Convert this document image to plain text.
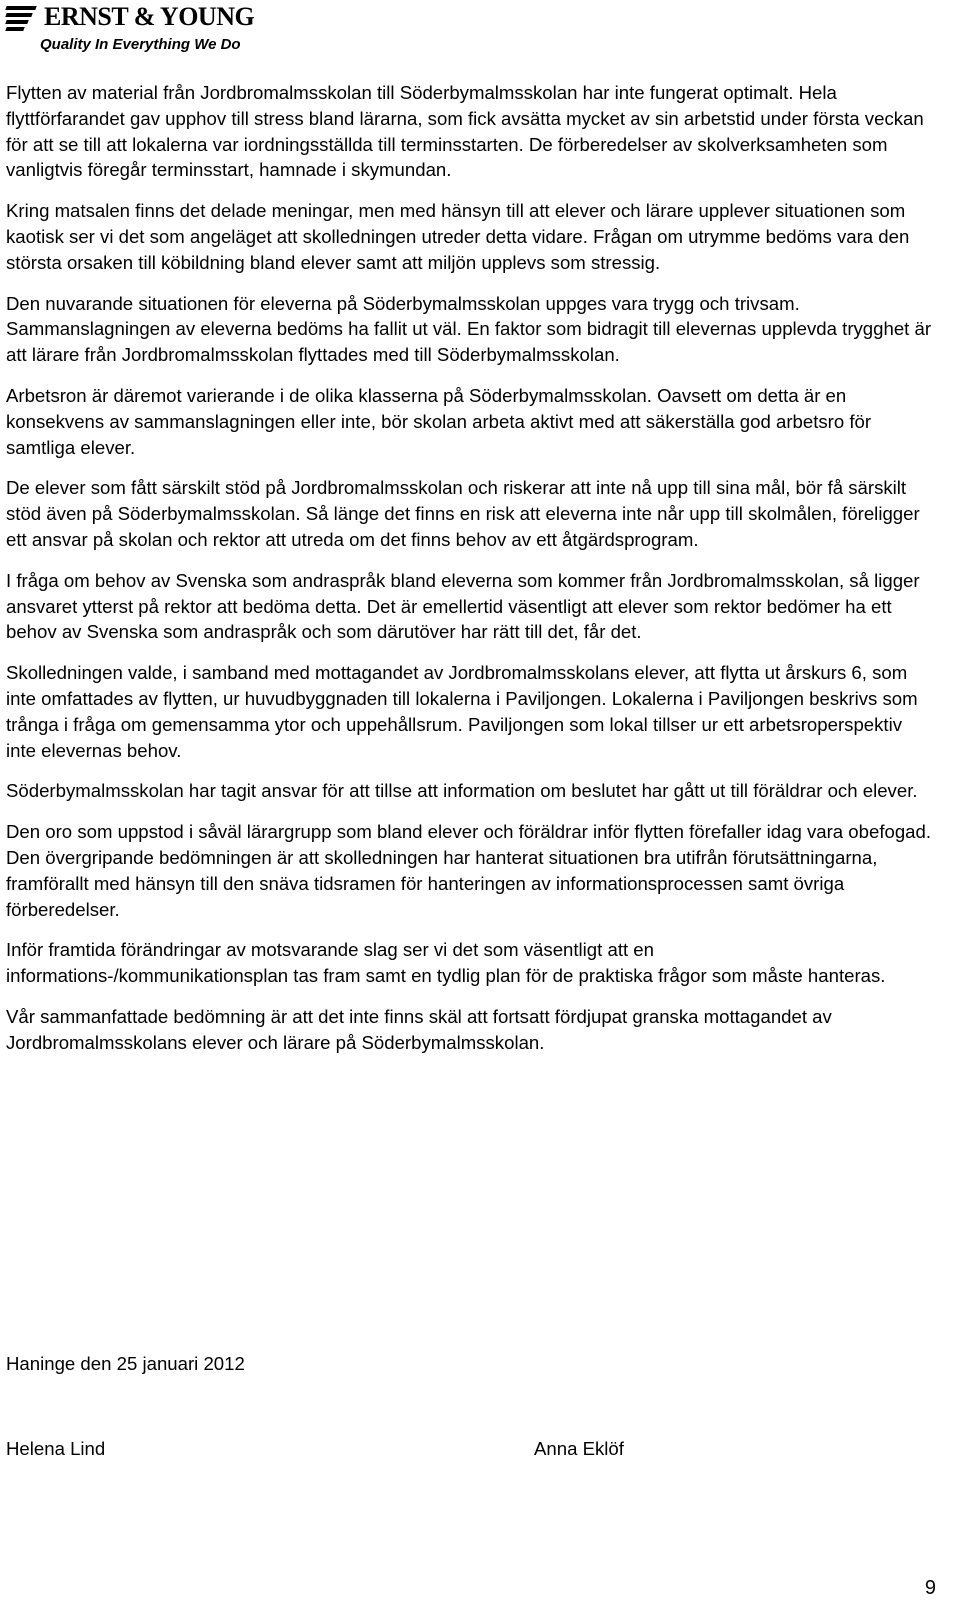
ERNST & YOUNG
Quality In Everything We Do

Flytten av material från Jordbromalmsskolan till Söderbymalmsskolan har inte fungerat optimalt. Hela flyttförfarandet gav upphov till stress bland lärarna, som fick avsätta mycket av sin arbetstid under första veckan för att se till att lokalerna var iordningsställda till terminsstarten. De förberedelser av skolverksamheten som vanligtvis föregår terminsstart, hamnade i skymundan.

Kring matsalen finns det delade meningar, men med hänsyn till att elever och lärare upplever situationen som kaotisk ser vi det som angeläget att skolledningen utreder detta vidare. Frågan om utrymme bedöms vara den största orsaken till köbildning bland elever samt att miljön upplevs som stressig.

Den nuvarande situationen för eleverna på Söderbymalmsskolan uppges vara trygg och trivsam. Sammanslagningen av eleverna bedöms ha fallit ut väl. En faktor som bidragit till elevernas upplevda trygghet är att lärare från Jordbromalmsskolan flyttades med till Söderbymalmsskolan.

Arbetsron är däremot varierande i de olika klasserna på Söderbymalmsskolan. Oavsett om detta är en konsekvens av sammanslagningen eller inte, bör skolan arbeta aktivt med att säkerställa god arbetsro för samtliga elever.

De elever som fått särskilt stöd på Jordbromalmsskolan och riskerar att inte nå upp till sina mål, bör få särskilt stöd även på Söderbymalmsskolan. Så länge det finns en risk att eleverna inte når upp till skolmålen, föreligger ett ansvar på skolan och rektor att utreda om det finns behov av ett åtgärdsprogram.

I fråga om behov av Svenska som andraspråk bland eleverna som kommer från Jordbromalmsskolan, så ligger ansvaret ytterst på rektor att bedöma detta. Det är emellertid väsentligt att elever som rektor bedömer ha ett behov av Svenska som andraspråk och som därutöver har rätt till det, får det.

Skolledningen valde, i samband med mottagandet av Jordbromalmsskolans elever, att flytta ut årskurs 6, som inte omfattades av flytten, ur huvudbyggnaden till lokalerna i Paviljongen. Lokalerna i Paviljongen beskrivs som trånga i fråga om gemensamma ytor och uppehållsrum. Paviljongen som lokal tillser ur ett arbetsroperspektiv inte elevernas behov.

Söderbymalmsskolan har tagit ansvar för att tillse att information om beslutet har gått ut till föräldrar och elever.

Den oro som uppstod i såväl lärargrupp som bland elever och föräldrar inför flytten förefaller idag vara obefogad. Den övergripande bedömningen är att skolledningen har hanterat situationen bra utifrån förutsättningarna, framförallt med hänsyn till den snäva tidsramen för hanteringen av informationsprocessen samt övriga förberedelser.

Inför framtida förändringar av motsvarande slag ser vi det som väsentligt att en informations-/kommunikationsplan tas fram samt en tydlig plan för de praktiska frågor som måste hanteras.

Vår sammanfattade bedömning är att det inte finns skäl att fortsatt fördjupat granska mottagandet av Jordbromalmsskolans elever och lärare på Söderbymalmsskolan.

Haninge den 25 januari 2012

Helena Lind	Anna Eklöf

9
